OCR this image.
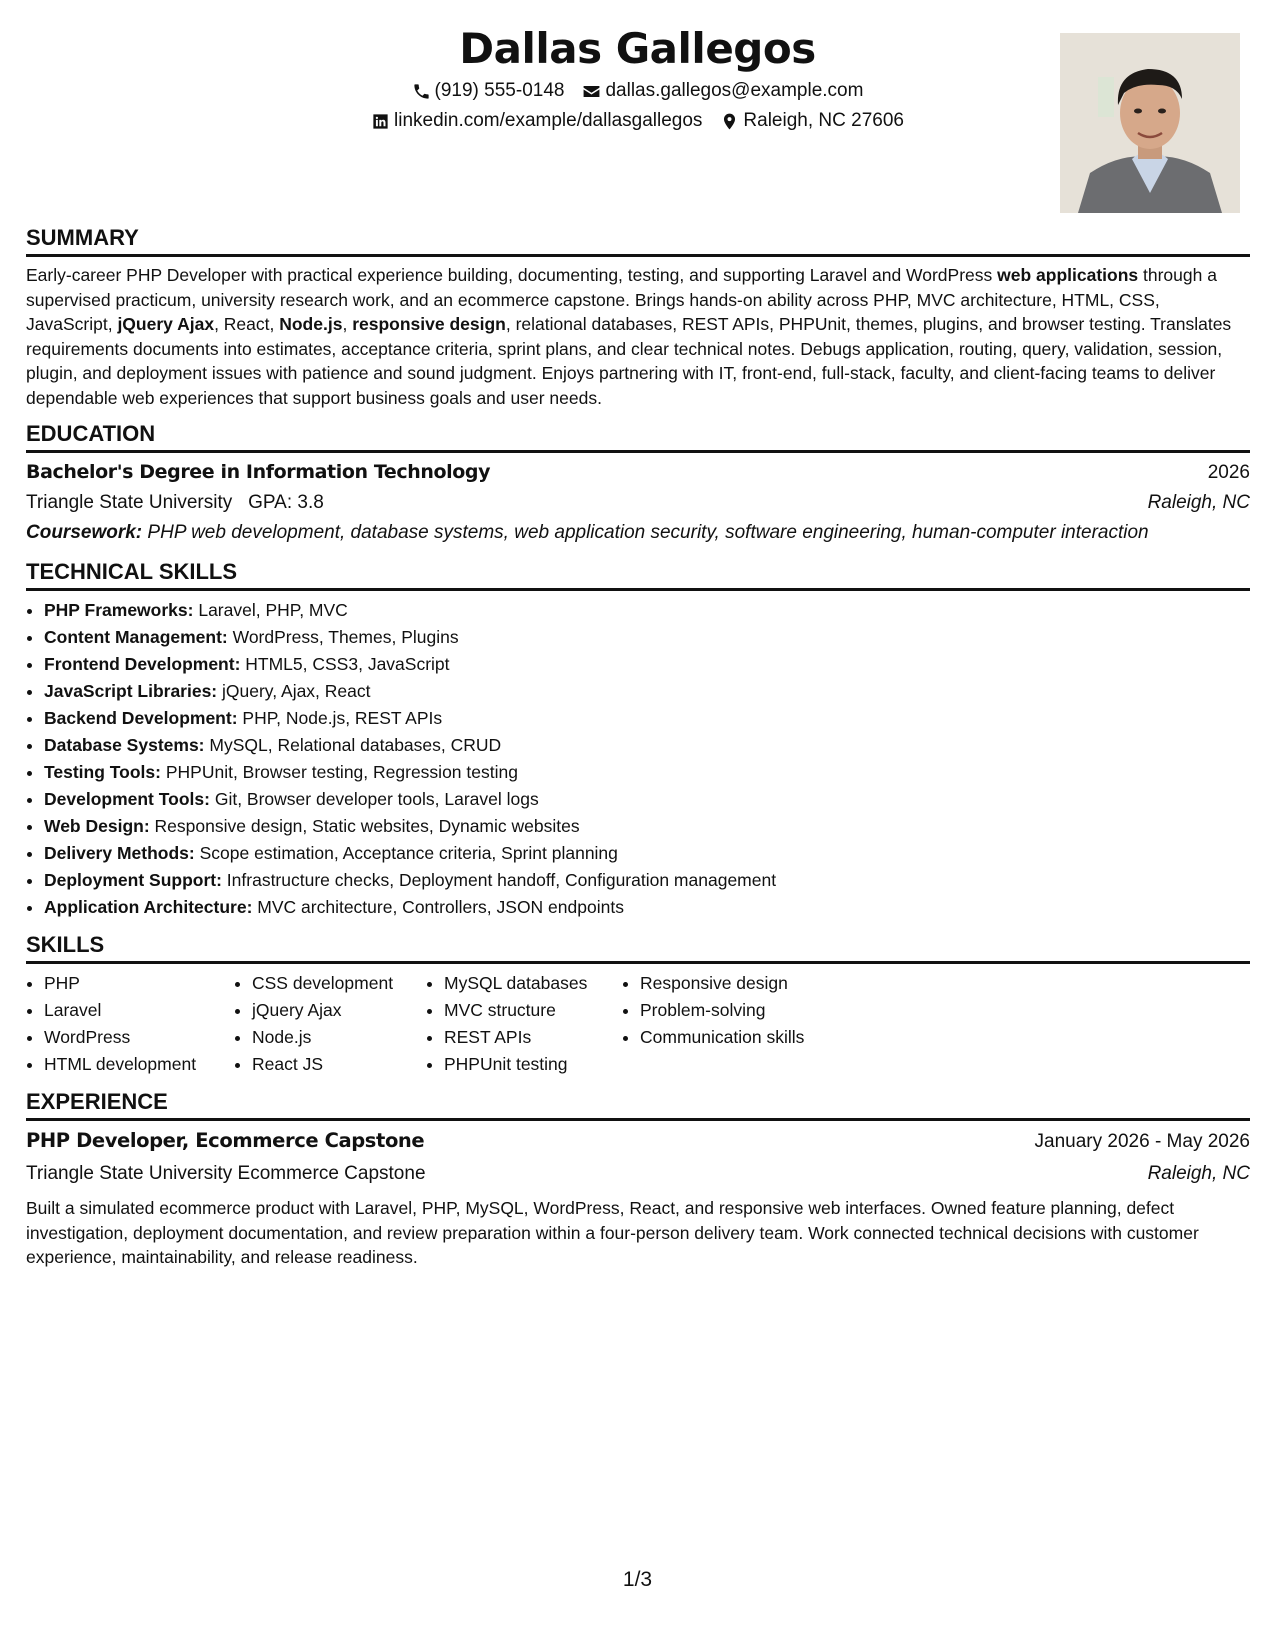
Dallas Gallegos
(919) 555-0148 dallas.gallegos@example.com
linkedin.com/example/dallasgallegos Raleigh, NC 27606
SUMMARY

Early-career PHP Developer with practical experience building, documenting, testing, and supporting Laravel and WordPress web applications through a supervised practicum, university research work, and an ecommerce capstone. Brings hands-on ability across PHP, MVC architecture, HTML, CSS, JavaScript, jQuery Ajax, React, Node.js, responsive design, relational databases, REST APIs, PHPUnit, themes, plugins, and browser testing. Translates requirements documents into estimates, acceptance criteria, sprint plans, and clear technical notes. Debugs application, routing, query, validation, session, plugin, and deployment issues with patience and sound judgment. Enjoys partnering with IT, front-end, full-stack, faculty, and client-facing teams to deliver dependable web experiences that support business goals and user needs.

EDUCATION
Bachelor's Degree in Information Technology	2026
Triangle State University GPA: 3.8	Raleigh, NC
Coursework: PHP web development, database systems, web application security, software engineering, human-computer interaction
TECHNICAL SKILLS
• PHP Frameworks: Laravel, PHP, MVC
• Content Management: WordPress, Themes, Plugins
• Frontend Development: HTML5, CSS3, JavaScript
• JavaScript Libraries: jQuery, Ajax, React
• Backend Development: PHP, Node.js, REST APIs
• Database Systems: MySQL, Relational databases, CRUD
• Testing Tools: PHPUnit, Browser testing, Regression testing
• Development Tools: Git, Browser developer tools, Laravel logs
• Web Design: Responsive design, Static websites, Dynamic websites
• Delivery Methods: Scope estimation, Acceptance criteria, Sprint planning
• Deployment Support: Infrastructure checks, Deployment handoff, Configuration management
• Application Architecture: MVC architecture, Controllers, JSON endpoints
SKILLS
• PHP
• Laravel
• WordPress
• HTML development
• CSS development
• jQuery Ajax
• Node.js
• React JS
• MySQL databases
• MVC structure
• REST APIs
• PHPUnit testing
• Responsive design
• Problem-solving
• Communication skills
EXPERIENCE
PHP Developer, Ecommerce Capstone	January 2026 - May 2026
Triangle State University Ecommerce Capstone	Raleigh, NC

Built a simulated ecommerce product with Laravel, PHP, MySQL, WordPress, React, and responsive web interfaces. Owned feature planning, defect investigation, deployment documentation, and review preparation within a four-person delivery team. Work connected technical decisions with customer experience, maintainability, and release readiness.

1/3
